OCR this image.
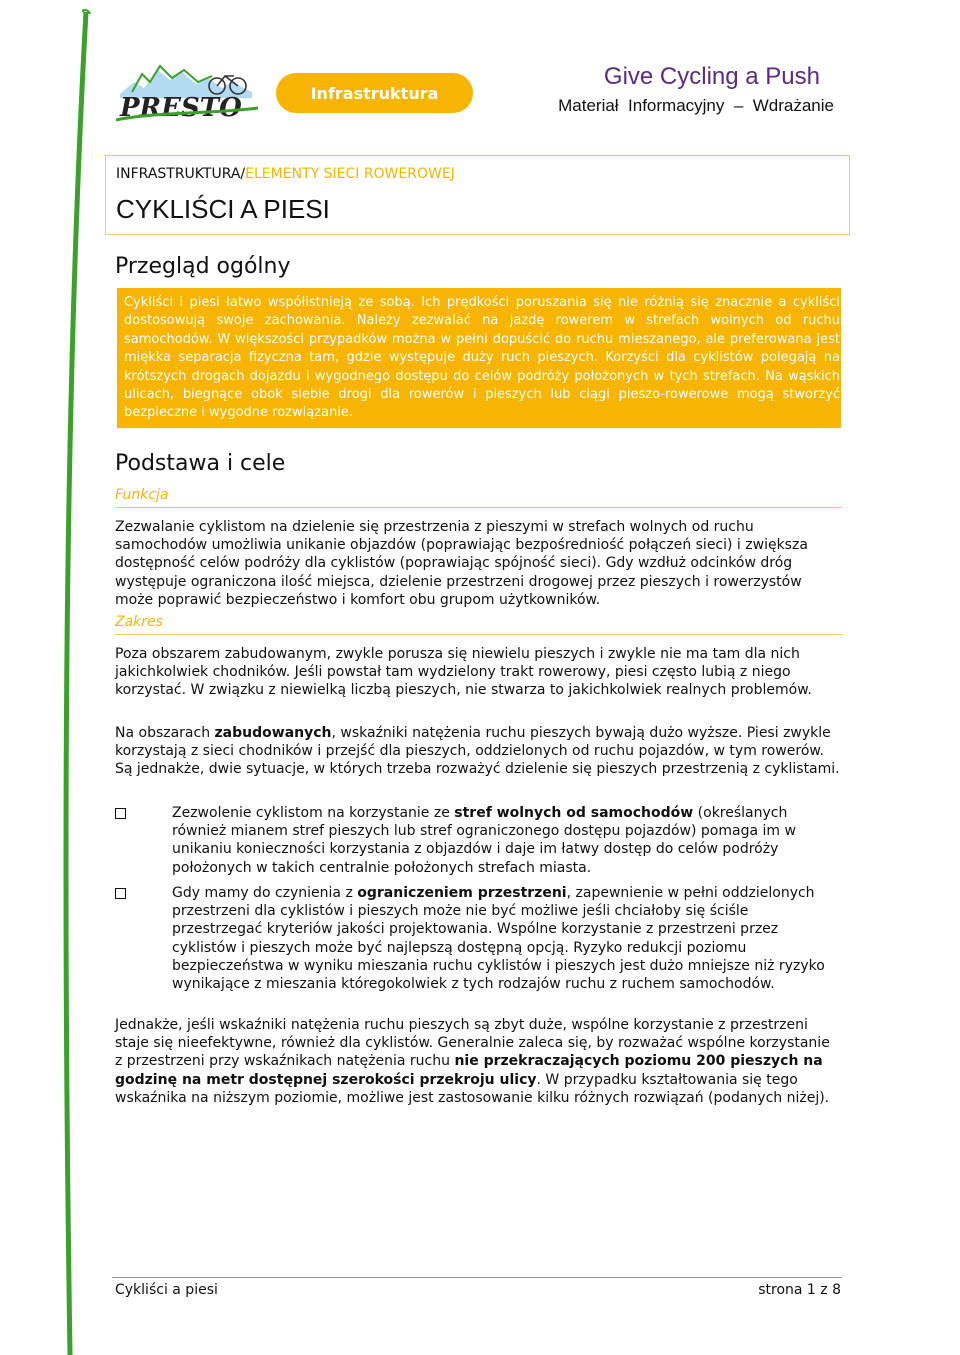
PRESTO	Infrastruktura
Give Cycling a Push
Materiał  Informacyjny  –  Wdrażanie
INFRASTRUKTURA/ELEMENTY SIECI ROWEROWEJ
CYKLIŚCI A PIESI
Przegląd ogólny

Cykliści i piesi łatwo współistnieją ze sobą. Ich prędkości poruszania się nie różnią się znacznie a cykliści dostosowują swoje zachowania. Należy zezwalać na jazdę rowerem w strefach wolnych od ruchu samochodów. W większości przypadków można w pełni dopuścić do ruchu mieszanego, ale preferowana jest miękka separacja fizyczna tam, gdzie występuje duży ruch pieszych. Korzyści dla cyklistów polegają na krótszych drogach dojazdu i wygodnego dostępu do celów podróży położonych w tych strefach. Na wąskich ulicach, biegnące obok siebie drogi dla rowerów i pieszych lub ciągi pieszo-rowerowe mogą stworzyć bezpieczne i wygodne rozwiązanie.

Podstawa i cele
Funkcja

Zezwalanie cyklistom na dzielenie się przestrzenia z pieszymi w strefach wolnych od ruchu samochodów umożliwia unikanie objazdów (poprawiając bezpośredniość połączeń sieci) i zwiększa dostępność celów podróży dla cyklistów (poprawiając spójność sieci). Gdy wzdłuż odcinków dróg występuje ograniczona ilość miejsca, dzielenie przestrzeni drogowej przez pieszych i rowerzystów może poprawić bezpieczeństwo i komfort obu grupom użytkowników.

Zakres

Poza obszarem zabudowanym, zwykle porusza się niewielu pieszych i zwykle nie ma tam dla nich jakichkolwiek chodników. Jeśli powstał tam wydzielony trakt rowerowy, piesi często lubią z niego korzystać. W związku z niewielką liczbą pieszych, nie stwarza to jakichkolwiek realnych problemów.

Na obszarach zabudowanych, wskaźniki natężenia ruchu pieszych bywają dużo wyższe. Piesi zwykle korzystają z sieci chodników i przejść dla pieszych, oddzielonych od ruchu pojazdów, w tym rowerów. Są jednakże, dwie sytuacje, w których trzeba rozważyć dzielenie się pieszych przestrzenią z cyklistami.

Zezwolenie cyklistom na korzystanie ze stref wolnych od samochodów (określanych również mianem stref pieszych lub stref ograniczonego dostępu pojazdów) pomaga im w unikaniu konieczności korzystania z objazdów i daje im łatwy dostęp do celów podróży położonych w takich centralnie położonych strefach miasta.

Gdy mamy do czynienia z ograniczeniem przestrzeni, zapewnienie w pełni oddzielonych przestrzeni dla cyklistów i pieszych może nie być możliwe jeśli chciałoby się ściśle przestrzegać kryteriów jakości projektowania. Wspólne korzystanie z przestrzeni przez cyklistów i pieszych może być najlepszą dostępną opcją. Ryzyko redukcji poziomu bezpieczeństwa w wyniku mieszania ruchu cyklistów i pieszych jest dużo mniejsze niż ryzyko wynikające z mieszania któregokolwiek z tych rodzajów ruchu z ruchem samochodów.

Jednakże, jeśli wskaźniki natężenia ruchu pieszych są zbyt duże, wspólne korzystanie z przestrzeni staje się nieefektywne, również dla cyklistów. Generalnie zaleca się, by rozważać wspólne korzystanie z przestrzeni przy wskaźnikach natężenia ruchu nie przekraczających poziomu 200 pieszych na godzinę na metr dostępnej szerokości przekroju ulicy. W przypadku kształtowania się tego wskaźnika na niższym poziomie, możliwe jest zastosowanie kilku różnych rozwiązań (podanych niżej).

Cykliści a piesi	strona 1 z 8
